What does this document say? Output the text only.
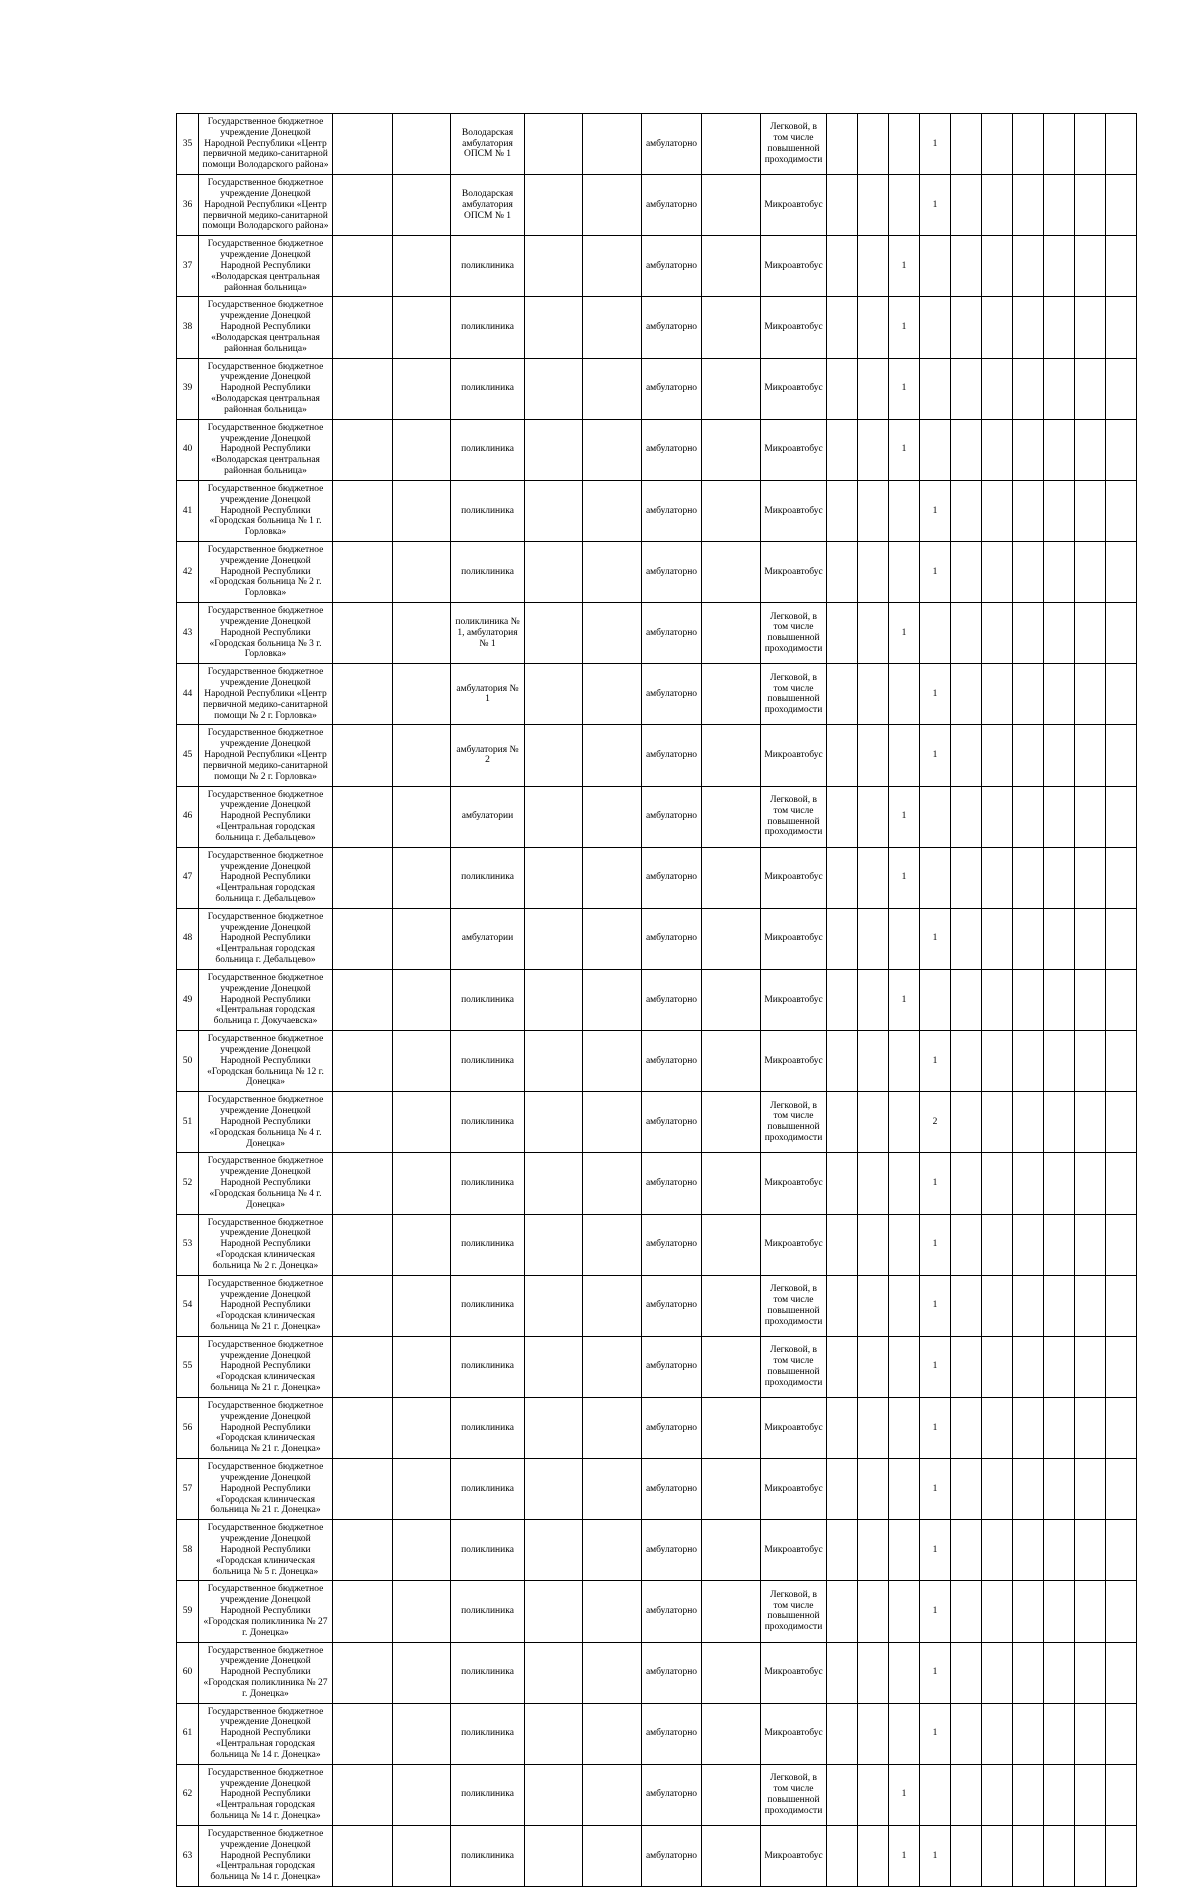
35	Государственное бюджетное учреждение Донецкой Народной Республики «Центр первичной медико-санитарной помощи Володарского района»			Володарская амбулатория ОПСМ № 1			амбулаторно		Легковой, в том числе повышенной проходимости				1						
36	Государственное бюджетное учреждение Донецкой Народной Республики «Центр первичной медико-санитарной помощи Володарского района»			Володарская амбулатория ОПСМ № 1			амбулаторно		Микроавтобус				1						
37	Государственное бюджетное учреждение Донецкой Народной Республики «Володарская центральная районная больница»			поликлиника			амбулаторно		Микроавтобус			1							
38	Государственное бюджетное учреждение Донецкой Народной Республики «Володарская центральная районная больница»			поликлиника			амбулаторно		Микроавтобус			1							
39	Государственное бюджетное учреждение Донецкой Народной Республики «Володарская центральная районная больница»			поликлиника			амбулаторно		Микроавтобус			1							
40	Государственное бюджетное учреждение Донецкой Народной Республики «Володарская центральная районная больница»			поликлиника			амбулаторно		Микроавтобус			1							
41	Государственное бюджетное учреждение Донецкой Народной Республики «Городская больница № 1 г. Горловка»			поликлиника			амбулаторно		Микроавтобус				1						
42	Государственное бюджетное учреждение Донецкой Народной Республики «Городская больница № 2 г. Горловка»			поликлиника			амбулаторно		Микроавтобус				1						
43	Государственное бюджетное учреждение Донецкой Народной Республики «Городская больница № 3 г. Горловка»			поликлиника № 1, амбулатория № 1			амбулаторно		Легковой, в том числе повышенной проходимости			1							
44	Государственное бюджетное учреждение Донецкой Народной Республики «Центр первичной медико-санитарной помощи № 2 г. Горловка»			амбулатория № 1			амбулаторно		Легковой, в том числе повышенной проходимости				1						
45	Государственное бюджетное учреждение Донецкой Народной Республики «Центр первичной медико-санитарной помощи № 2 г. Горловка»			амбулатория № 2			амбулаторно		Микроавтобус				1						
46	Государственное бюджетное учреждение Донецкой Народной Республики «Центральная городская больница г. Дебальцево»			амбулатории			амбулаторно		Легковой, в том числе повышенной проходимости			1							
47	Государственное бюджетное учреждение Донецкой Народной Республики «Центральная городская больница г. Дебальцево»			поликлиника			амбулаторно		Микроавтобус			1							
48	Государственное бюджетное учреждение Донецкой Народной Республики «Центральная городская больница г. Дебальцево»			амбулатории			амбулаторно		Микроавтобус				1						
49	Государственное бюджетное учреждение Донецкой Народной Республики «Центральная городская больница г. Докучаевска»			поликлиника			амбулаторно		Микроавтобус			1							
50	Государственное бюджетное учреждение Донецкой Народной Республики «Городская больница № 12 г. Донецка»			поликлиника			амбулаторно		Микроавтобус				1						
51	Государственное бюджетное учреждение Донецкой Народной Республики «Городская больница № 4 г. Донецка»			поликлиника			амбулаторно		Легковой, в том числе повышенной проходимости				2						
52	Государственное бюджетное учреждение Донецкой Народной Республики «Городская больница № 4 г. Донецка»			поликлиника			амбулаторно		Микроавтобус				1						
53	Государственное бюджетное учреждение Донецкой Народной Республики «Городская клиническая больница № 2 г. Донецка»			поликлиника			амбулаторно		Микроавтобус				1						
54	Государственное бюджетное учреждение Донецкой Народной Республики «Городская клиническая больница № 21 г. Донецка»			поликлиника			амбулаторно		Легковой, в том числе повышенной проходимости				1						
55	Государственное бюджетное учреждение Донецкой Народной Республики «Городская клиническая больница № 21 г. Донецка»			поликлиника			амбулаторно		Легковой, в том числе повышенной проходимости				1						
56	Государственное бюджетное учреждение Донецкой Народной Республики «Городская клиническая больница № 21 г. Донецка»			поликлиника			амбулаторно		Микроавтобус				1						
57	Государственное бюджетное учреждение Донецкой Народной Республики «Городская клиническая больница № 21 г. Донецка»			поликлиника			амбулаторно		Микроавтобус				1						
58	Государственное бюджетное учреждение Донецкой Народной Республики «Городская клиническая больница № 5 г. Донецка»			поликлиника			амбулаторно		Микроавтобус				1						
59	Государственное бюджетное учреждение Донецкой Народной Республики «Городская поликлиника № 27 г. Донецка»			поликлиника			амбулаторно		Легковой, в том числе повышенной проходимости				1						
60	Государственное бюджетное учреждение Донецкой Народной Республики «Городская поликлиника № 27 г. Донецка»			поликлиника			амбулаторно		Микроавтобус				1						
61	Государственное бюджетное учреждение Донецкой Народной Республики «Центральная городская больница № 14 г. Донецка»			поликлиника			амбулаторно		Микроавтобус				1						
62	Государственное бюджетное учреждение Донецкой Народной Республики «Центральная городская больница № 14 г. Донецка»			поликлиника			амбулаторно		Легковой, в том числе повышенной проходимости			1							
63	Государственное бюджетное учреждение Донецкой Народной Республики «Центральная городская больница № 14 г. Донецка»			поликлиника			амбулаторно		Микроавтобус			1	1						
